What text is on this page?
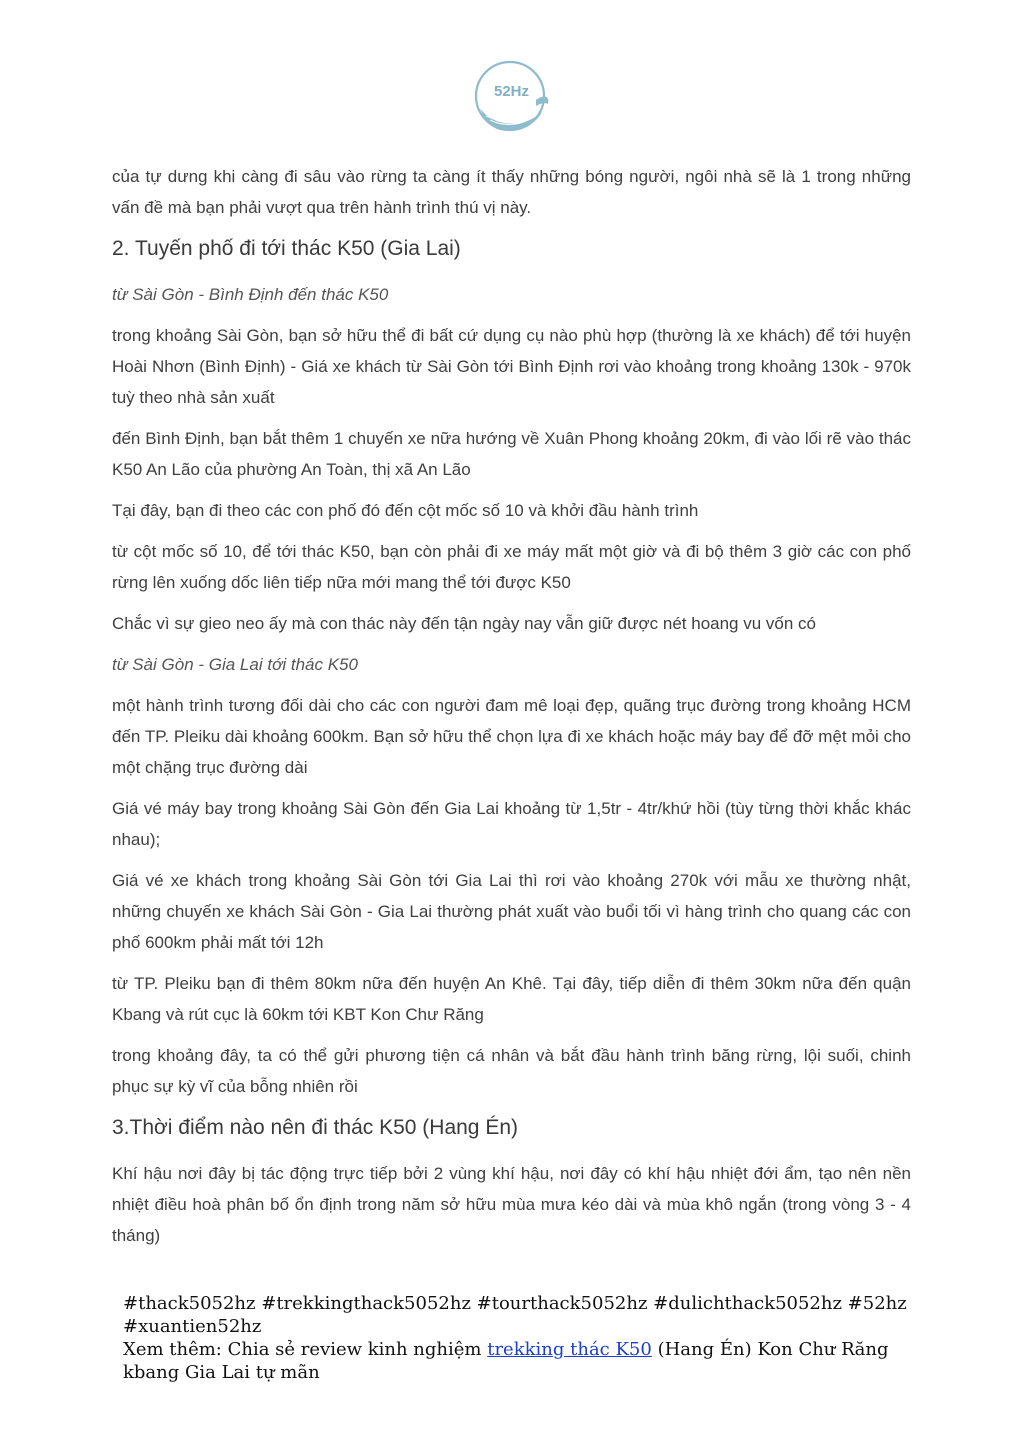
52Hz

của tự dưng khi càng đi sâu vào rừng ta càng ít thấy những bóng người, ngôi nhà sẽ là 1 trong những vấn đề mà bạn phải vượt qua trên hành trình thú vị này.

2. Tuyến phố đi tới thác K50 (Gia Lai)

từ Sài Gòn - Bình Định đến thác K50

trong khoảng Sài Gòn, bạn sở hữu thể đi bất cứ dụng cụ nào phù hợp (thường là xe khách) để tới huyện Hoài Nhơn (Bình Định) - Giá xe khách từ Sài Gòn tới Bình Định rơi vào khoảng trong khoảng 130k - 970k tuỳ theo nhà sản xuất

đến Bình Định, bạn bắt thêm 1 chuyến xe nữa hướng về Xuân Phong khoảng 20km, đi vào lối rẽ vào thác K50 An Lão của phường An Toàn, thị xã An Lão

Tại đây, bạn đi theo các con phố đó đến cột mốc số 10 và khởi đầu hành trình

từ cột mốc số 10, để tới thác K50, bạn còn phải đi xe máy mất một giờ và đi bộ thêm 3 giờ các con phố rừng lên xuống dốc liên tiếp nữa mới mang thể tới được K50

Chắc vì sự gieo neo ấy mà con thác này đến tận ngày nay vẫn giữ được nét hoang vu vốn có

từ Sài Gòn - Gia Lai tới thác K50

một hành trình tương đối dài cho các con người đam mê loại đẹp, quãng trục đường trong khoảng HCM đến TP. Pleiku dài khoảng 600km. Bạn sở hữu thể chọn lựa đi xe khách hoặc máy bay để đỡ mệt mỏi cho một chặng trục đường dài

Giá vé máy bay trong khoảng Sài Gòn đến Gia Lai khoảng từ 1,5tr - 4tr/khứ hồi (tùy từng thời khắc khác nhau);

Giá vé xe khách trong khoảng Sài Gòn tới Gia Lai thì rơi vào khoảng 270k với mẫu xe thường nhật, những chuyến xe khách Sài Gòn - Gia Lai thường phát xuất vào buổi tối vì hàng trình cho quang các con phố 600km phải mất tới 12h

từ TP. Pleiku bạn đi thêm 80km nữa đến huyện An Khê. Tại đây, tiếp diễn đi thêm 30km nữa đến quận Kbang và rút cục là 60km tới KBT Kon Chư Răng

trong khoảng đây, ta có thể gửi phương tiện cá nhân và bắt đầu hành trình băng rừng, lội suối, chinh phục sự kỳ vĩ của bỗng nhiên rồi

3.Thời điểm nào nên đi thác K50 (Hang Én)

Khí hậu nơi đây bị tác động trực tiếp bởi 2 vùng khí hậu, nơi đây có khí hậu nhiệt đới ẩm, tạo nên nền nhiệt điều hoà phân bố ổn định trong năm sở hữu mùa mưa kéo dài và mùa khô ngắn (trong vòng 3 - 4 tháng)

#thack5052hz #trekkingthack5052hz #tourthack5052hz #dulichthack5052hz #52hz #xuantien52hz
Xem thêm: Chia sẻ review kinh nghiệm trekking thác K50 (Hang Én) Kon Chư Răng kbang Gia Lai tự mãn
